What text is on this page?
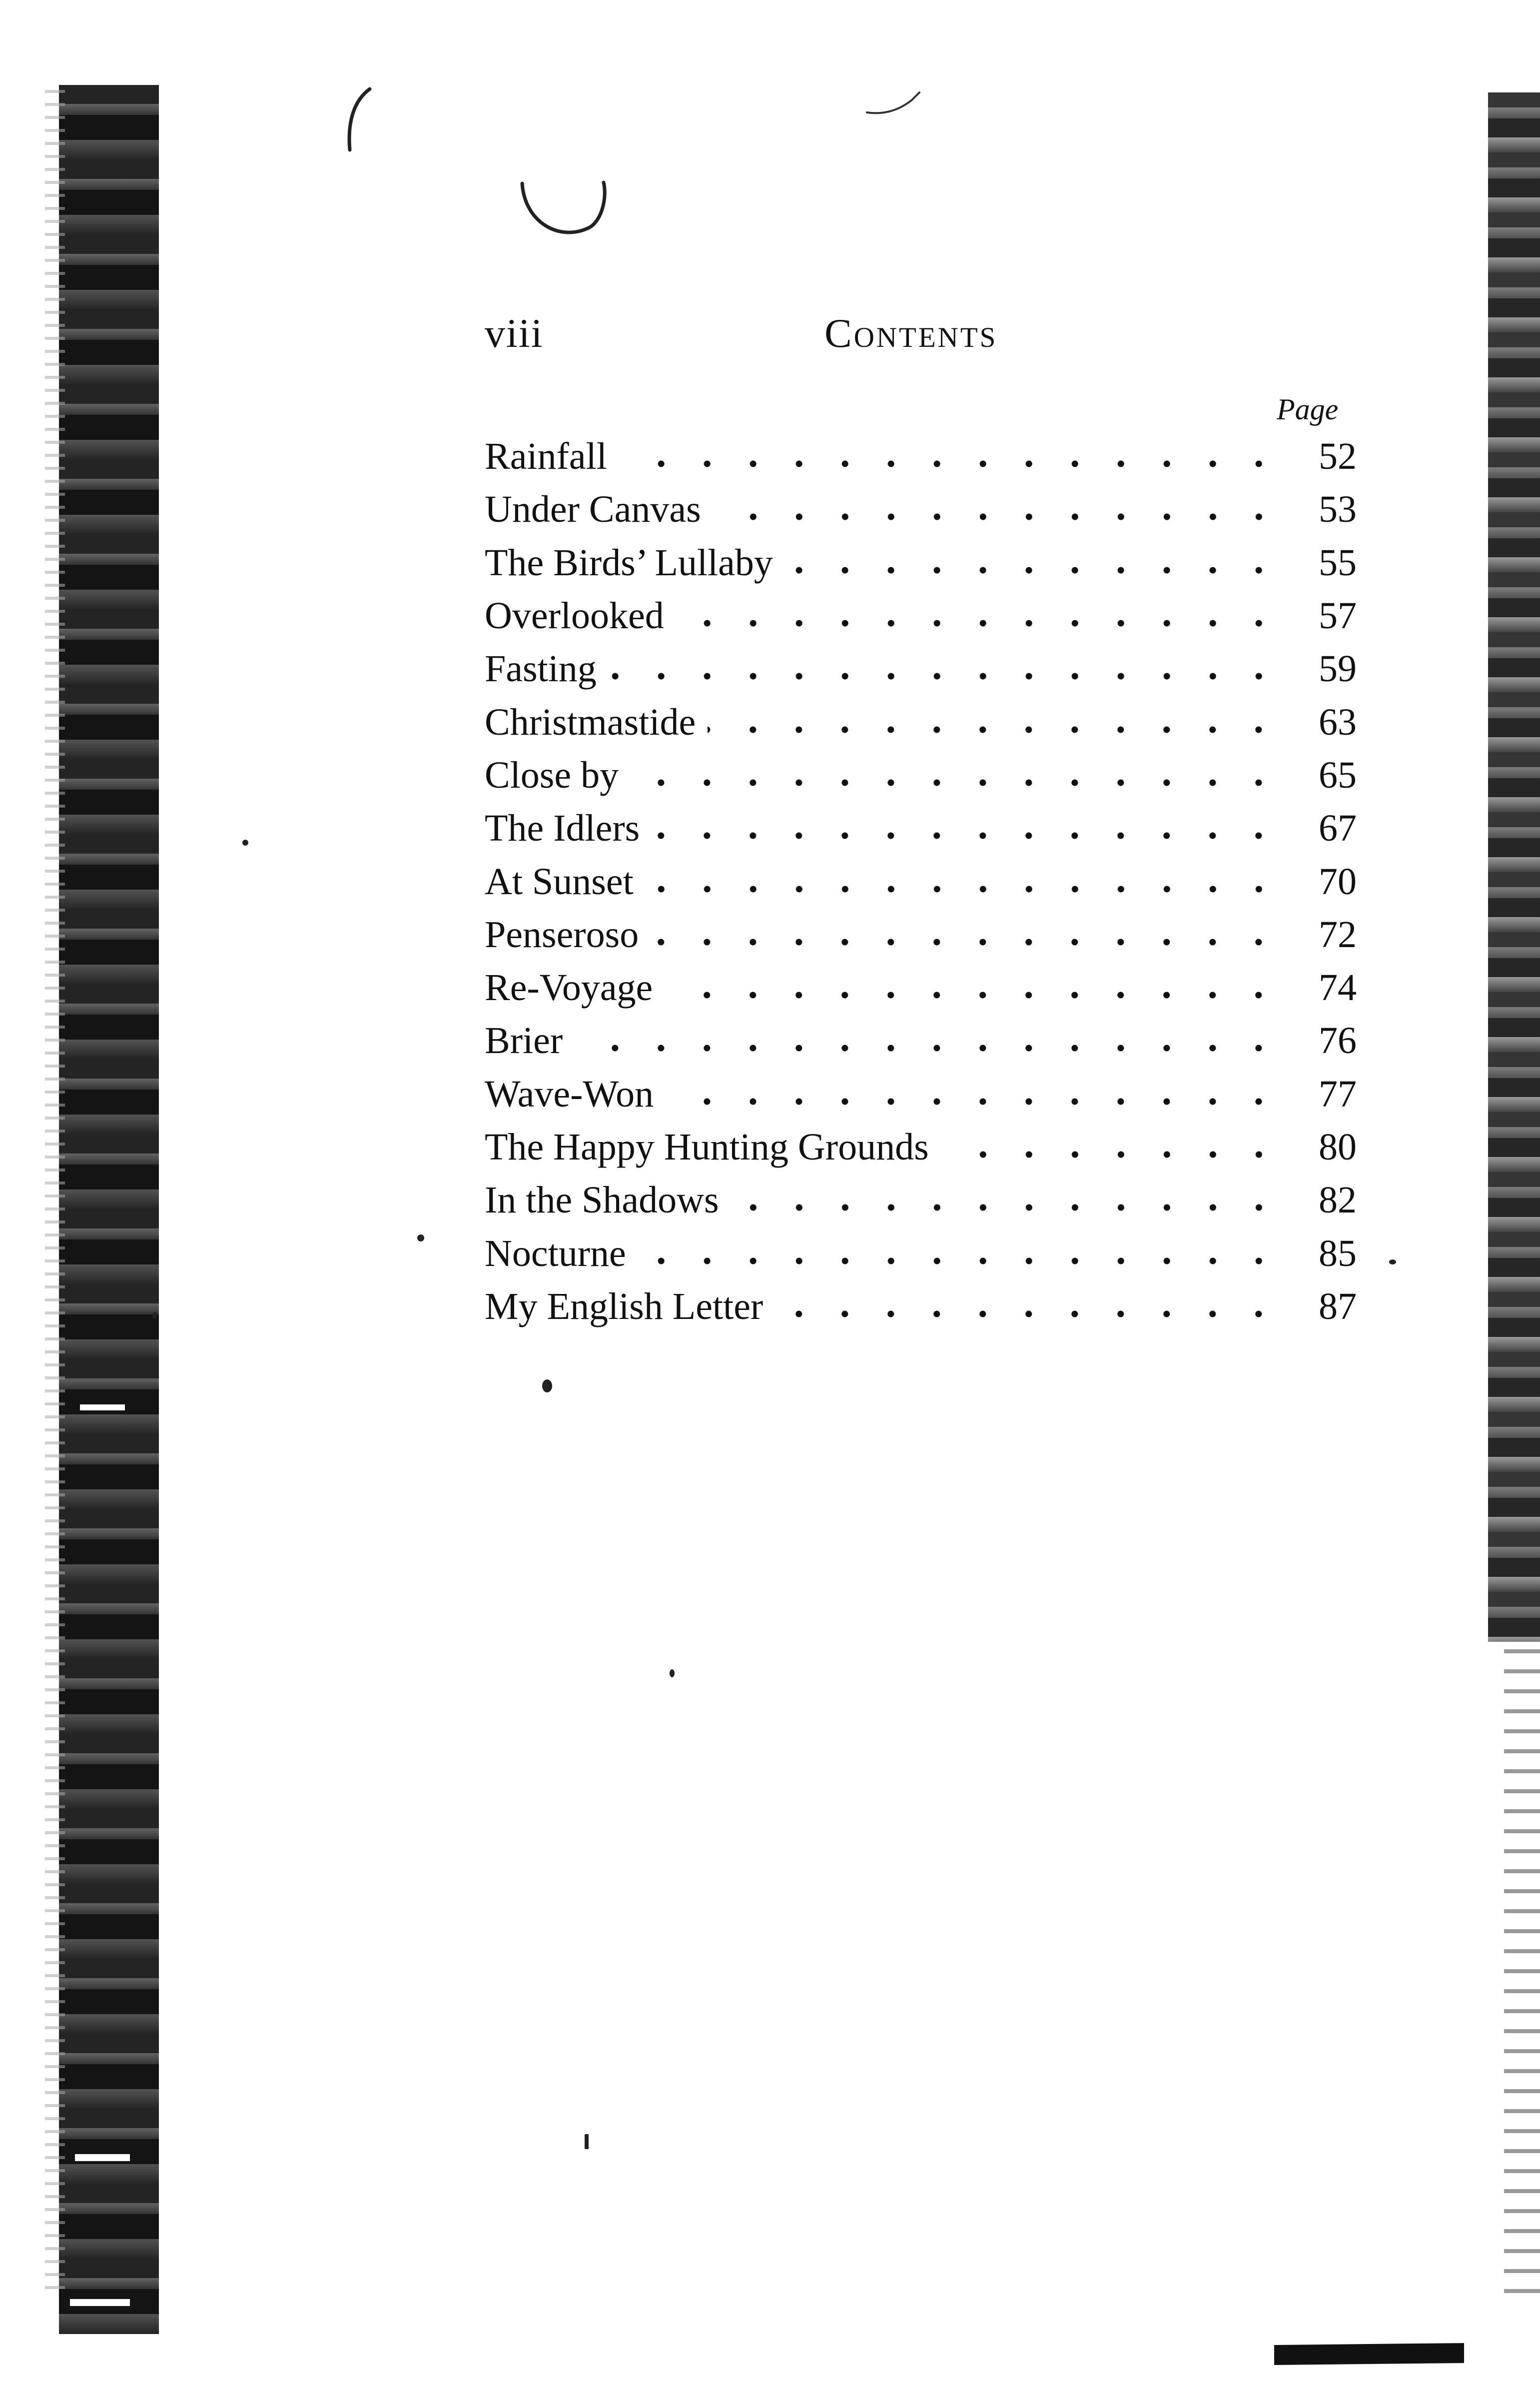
viii	Contents
Page
Rainfall	52
Under Canvas	53
The Birds’ Lullaby	55
Overlooked	57
Fasting	59
Christmastide	63
Close by	65
The Idlers	67
At Sunset	70
Penseroso	72
Re-Voyage	74
Brier	76
Wave-Won	77
The Happy Hunting Grounds	80
In the Shadows	82
Nocturne	85
My English Letter	87
